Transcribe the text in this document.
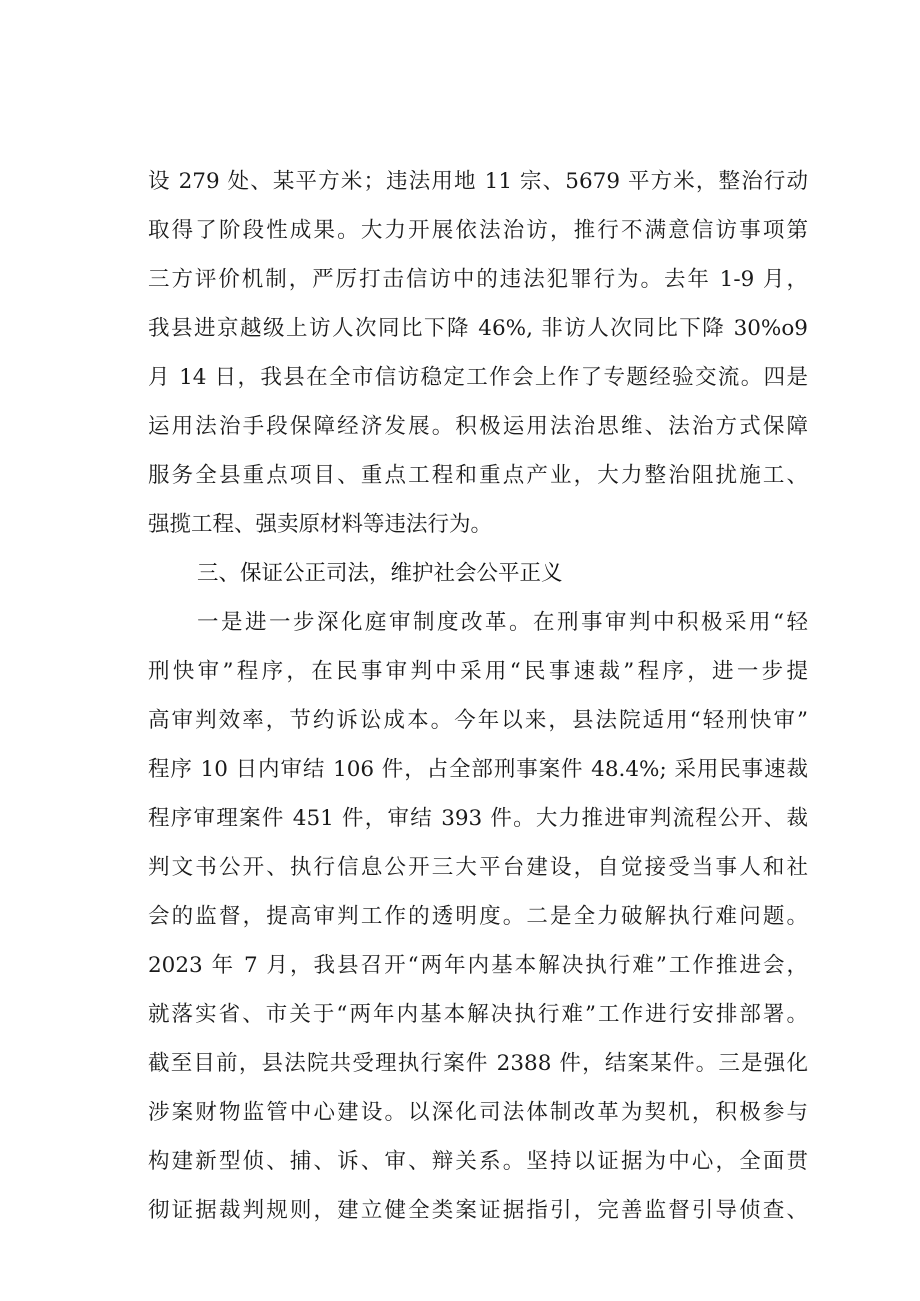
设 279 处、某平方米；违法用地 11 宗、5679 平方米，整治行动
取得了阶段性成果。大力开展依法治访，推行不满意信访事项第
三方评价机制，严厉打击信访中的违法犯罪行为。去年 1-9 月，
我县进京越级上访人次同比下降 46%, 非访人次同比下降 30%o9
月 14 日，我县在全市信访稳定工作会上作了专题经验交流。四是
运用法治手段保障经济发展。积极运用法治思维、法治方式保障
服务全县重点项目、重点工程和重点产业，大力整治阻扰施工、
强揽工程、强卖原材料等违法行为。
三、保证公正司法，维护社会公平正义
一是进一步深化庭审制度改革。在刑事审判中积极采用“轻
刑快审”程序，在民事审判中采用“民事速裁”程序，进一步提
高审判效率，节约诉讼成本。今年以来，县法院适用“轻刑快审”
程序 10 日内审结 106 件，占全部刑事案件 48.4%; 采用民事速裁
程序审理案件 451 件，审结 393 件。大力推进审判流程公开、裁
判文书公开、执行信息公开三大平台建设，自觉接受当事人和社
会的监督，提高审判工作的透明度。二是全力破解执行难问题。
2023 年 7 月，我县召开“两年内基本解决执行难”工作推进会，
就落实省、市关于“两年内基本解决执行难”工作进行安排部署。
截至目前，县法院共受理执行案件 2388 件，结案某件。三是强化
涉案财物监管中心建设。以深化司法体制改革为契机，积极参与
构建新型侦、捕、诉、审、辩关系。坚持以证据为中心，全面贯
彻证据裁判规则，建立健全类案证据指引，完善监督引导侦查、
